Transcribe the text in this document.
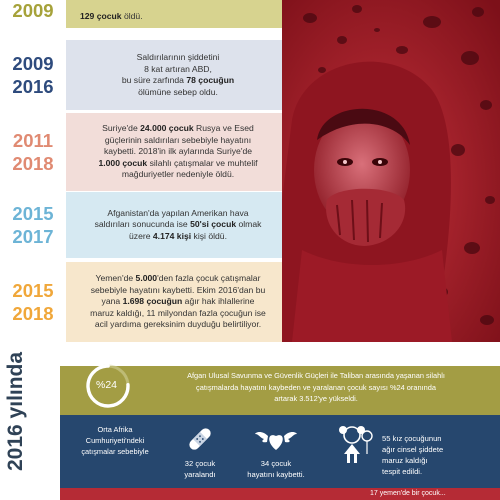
2009	129 çocuk öldü.

2009
2016

Saldırılarının şiddetini
8 kat artıran ABD,
bu süre zarfında 78 çocuğun
ölümüne sebep oldu.

2011
2018

Suriye'de 24.000 çocuk Rusya ve Esed
güçlerinin saldırıları sebebiyle hayatını
kaybetti. 2018'in ilk aylarında Suriye'de
1.000 çocuk silahlı çatışmalar ve muhtelif
mağduriyetler nedeniyle öldü.

2015
2017

Afganistan'da yapılan Amerikan hava
saldırıları sonucunda ise 50'si çocuk olmak
üzere 4.174 kişi kişi öldü.

2015
2018

Yemen'de 5.000'den fazla çocuk çatışmalar
sebebiyle hayatını kaybetti. Ekim 2016'dan bu
yana 1.698 çocuğun ağır hak ihlallerine
maruz kaldığı, 11 milyondan fazla çocuğun ise
acil yardıma gereksinim duyduğu belirtiliyor.

2016 yılında	3.512
%24
Afgan Ulusal Savunma ve Güvenlik Güçleri ile Taliban arasında yaşanan silahlı
çatışmalarda hayatını kaybeden ve yaralanan çocuk sayısı %24 oranında
artarak 3.512'ye yükseldi.
Orta Afrika
Cumhuriyeti'ndeki
çatışmalar sebebiyle
32 çocuk
yaralandı
34 çocuk
hayatını kaybetti.
55 kız çocuğunun
ağır cinsel şiddete
maruz kaldığı
tespit edildi.
17 yemen'de bir çocuk...
